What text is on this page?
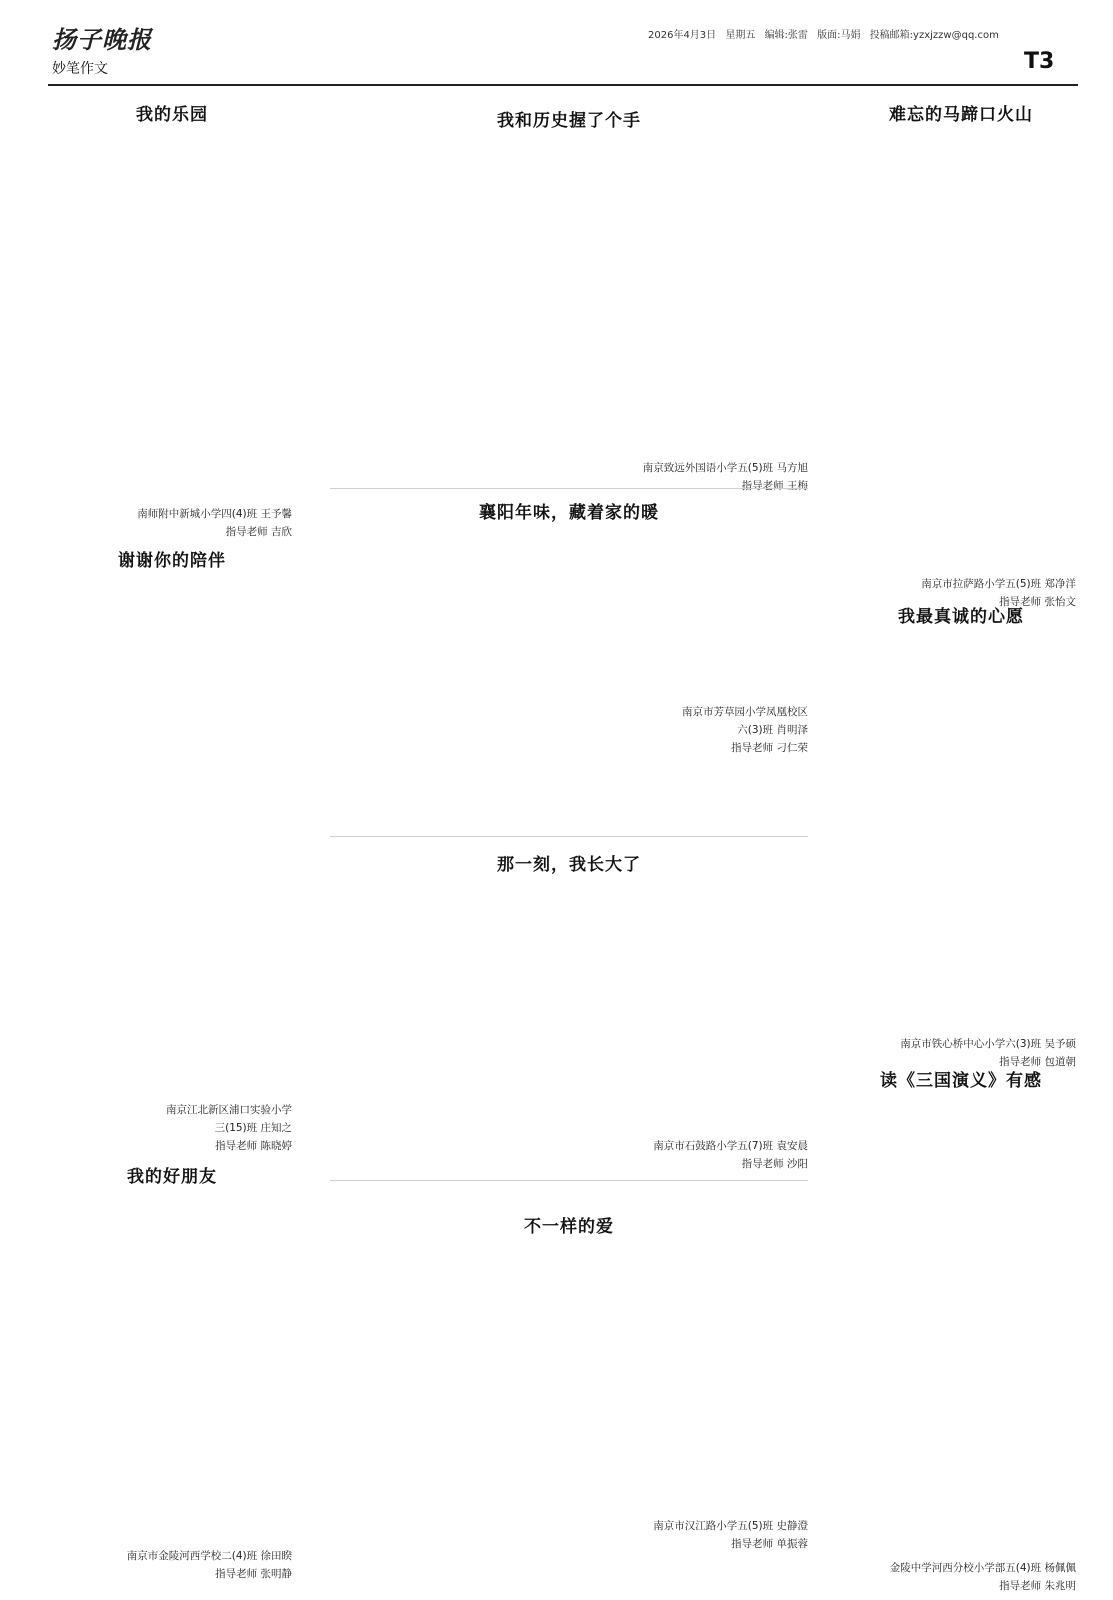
扬子晚报	2026年4月3日 星期五 编辑:张雷 版面:马娟 投稿邮箱:yzxjzzw@qq.com
妙笔作文	T3
我的乐园
南师附中新城小学四(4)班 王予馨
指导老师 吉欣
谢谢你的陪伴
南京江北新区浦口实验小学
三(15)班 庄知之
指导老师 陈晓婷
我的好朋友
南京市金陵河西学校二(4)班 徐田睽
指导老师 张明静
我和历史握了个手
南京致远外国语小学五(5)班 马方旭
指导老师 王梅
襄阳年味，藏着家的暖
南京市芳草园小学凤凰校区
六(3)班 肖明泽
指导老师 刁仁荣
那一刻，我长大了
南京市石鼓路小学五(7)班 袁安晨
指导老师 沙阳
不一样的爱
南京市汉江路小学五(5)班 史静澄
指导老师 单振蓉
难忘的马蹄口火山
南京市拉萨路小学五(5)班 郑净洋
指导老师 张怡文
我最真诚的心愿
南京市铁心桥中心小学六(3)班 吴予硕
指导老师 包道朝
读《三国演义》有感
金陵中学河西分校小学部五(4)班 杨佩佩
指导老师 朱兆明
